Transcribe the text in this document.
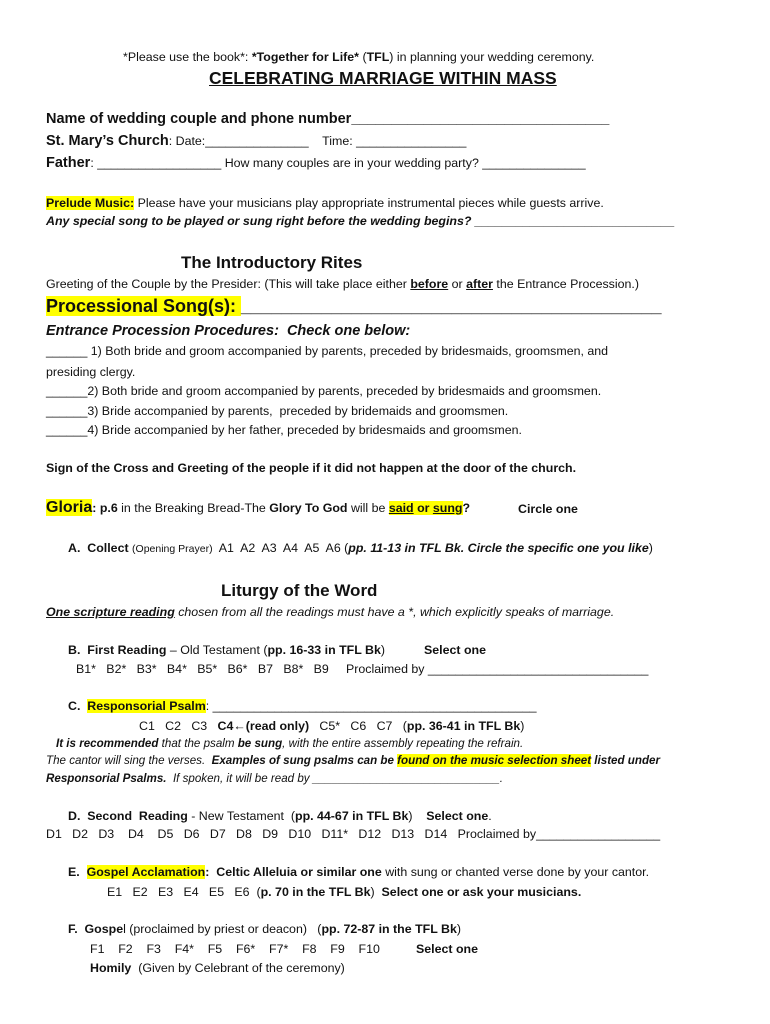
*Please use the book*: *Together for Life* (TFL) in planning your wedding ceremony.
CELEBRATING MARRIAGE WITHIN MASS
Name of wedding couple and phone number________________________________
St. Mary’s Church: Date:_______________    Time: ________________
Father: __________________ How many couples are in your wedding party? _______________
Prelude Music: Please have your musicians play appropriate instrumental pieces while guests arrive.
Any special song to be played or sung right before the wedding begins? _____________________________
The Introductory Rites
Greeting of the Couple by the Presider: (This will take place either before or after the Entrance Procession.)
Processional Song(s): __________________________________________
Entrance Procession Procedures:  Check one below:
______ 1) Both bride and groom accompanied by parents, preceded by bridesmaids, groomsmen, and
presiding clergy.
______2) Both bride and groom accompanied by parents, preceded by bridesmaids and groomsmen.
______3) Bride accompanied by parents,  preceded by bridemaids and groomsmen.
______4) Bride accompanied by her father, preceded by bridesmaids and groomsmen.
Sign of the Cross and Greeting of the people if it did not happen at the door of the church.
Gloria: p.6 in the Breaking Bread-The Glory To God will be said or sung?	Circle one
A.  Collect (Opening Prayer)  A1  A2  A3  A4  A5  A6 (pp. 11-13 in TFL Bk. Circle the specific one you like)
Liturgy of the Word
One scripture reading chosen from all the readings must have a *, which explicitly speaks of marriage.
B.  First Reading – Old Testament (pp. 16-33 in TFL Bk)	Select one
B1*   B2*   B3*   B4*   B5*   B6*   B7   B8*   B9     Proclaimed by ________________________________
C.  Responsorial Psalm: _______________________________________________
C1   C2   C3   C4←(read only)   C5*   C6   C7   (pp. 36-41 in TFL Bk)
It is recommended that the psalm be sung, with the entire assembly repeating the refrain.
The cantor will sing the verses.  Examples of sung psalms can be found on the music selection sheet listed under
Responsorial Psalms.  If spoken, it will be read by _____________________________.
D.  Second  Reading - New Testament  (pp. 44-67 in TFL Bk)    Select one.
D1   D2   D3    D4    D5   D6   D7   D8   D9   D10   D11*   D12   D13   D14   Proclaimed by__________________
E.  Gospel Acclamation:  Celtic Alleluia or similar one with sung or chanted verse done by your cantor.
E1   E2   E3   E4   E5   E6  (p. 70 in the TFL Bk)  Select one or ask your musicians.
F.  Gospel (proclaimed by priest or deacon)   (pp. 72-87 in the TFL Bk)
F1    F2    F3    F4*    F5    F6*    F7*    F8    F9    F10	Select one
Homily  (Given by Celebrant of the ceremony)
